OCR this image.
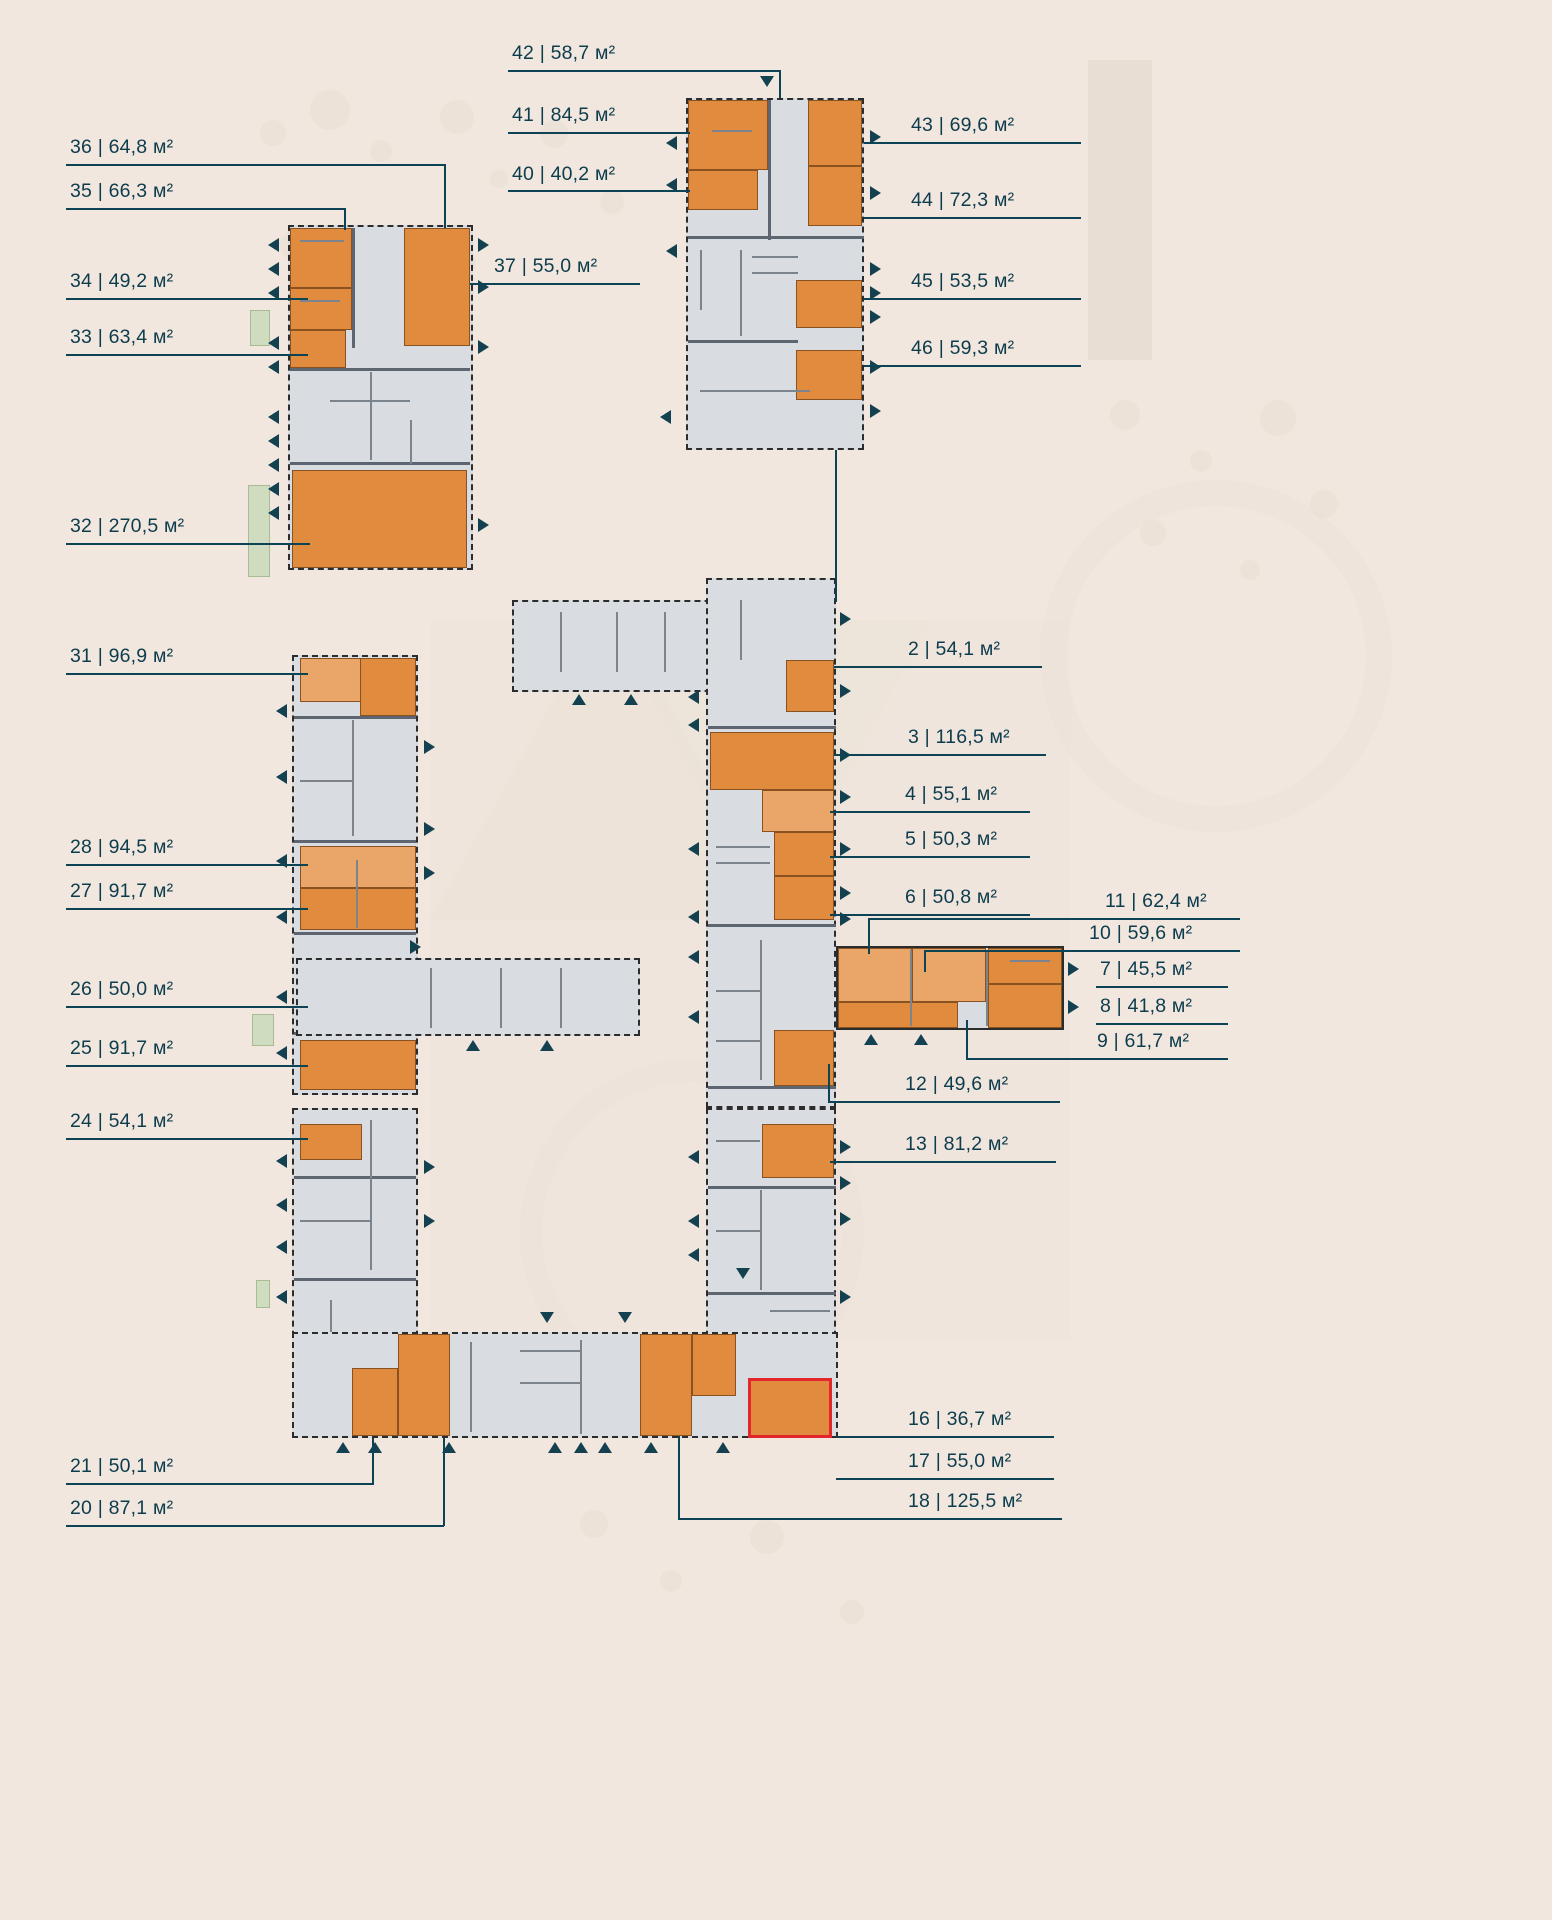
42 | 58,7 м²
41 | 84,5 м²	43 | 69,6 м²
36 | 64,8 м²
40 | 40,2 м²
35 | 66,3 м²	44 | 72,3 м²
34 | 49,2 м²
37 | 55,0 м²
45 | 53,5 м²
33 | 63,4 м²	46 | 59,3 м²
32 | 270,5 м²
31 | 96,9 м²	2 | 54,1 м²
3 | 116,5 м²
4 | 55,1 м²
5 | 50,3 м²
28 | 94,5 м²
6 | 50,8 м²
27 | 91,7 м²	11 | 62,4 м²
10 | 59,6 м²
7 | 45,5 м²
26 | 50,0 м²
8 | 41,8 м²
9 | 61,7 м²
25 | 91,7 м²
12 | 49,6 м²
24 | 54,1 м²
13 | 81,2 м²
16 | 36,7 м²
17 | 55,0 м²
21 | 50,1 м²
18 | 125,5 м²
20 | 87,1 м²
